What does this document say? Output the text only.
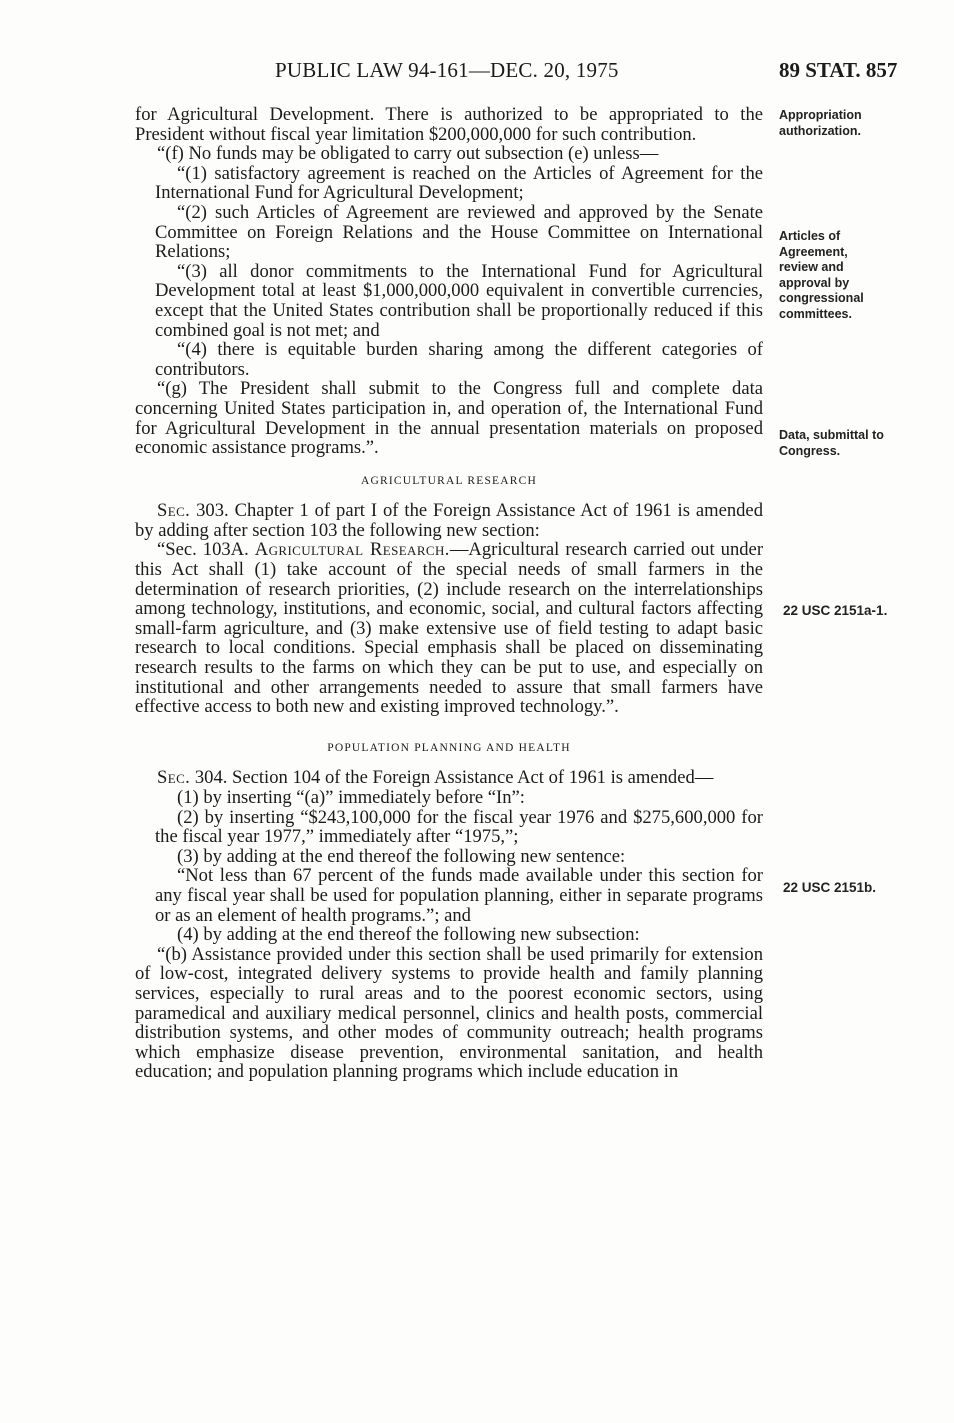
PUBLIC LAW 94-161—DEC. 20, 1975	89 STAT. 857
Appropriation authorization.
Articles of Agreement, review and approval by congressional committees.
Data, submittal to Congress.
22 USC 2151a-1.
22 USC 2151b.

for Agricultural Development. There is authorized to be appropriated to the President without fiscal year limitation $200,000,000 for such contribution.

“(f) No funds may be obligated to carry out subsection (e) unless—

“(1) satisfactory agreement is reached on the Articles of Agreement for the International Fund for Agricultural Development;

“(2) such Articles of Agreement are reviewed and approved by the Senate Committee on Foreign Relations and the House Committee on International Relations;

“(3) all donor commitments to the International Fund for Agricultural Development total at least $1,000,000,000 equivalent in convertible currencies, except that the United States contribution shall be proportionally reduced if this combined goal is not met; and

“(4) there is equitable burden sharing among the different categories of contributors.

“(g) The President shall submit to the Congress full and complete data concerning United States participation in, and operation of, the International Fund for Agricultural Development in the annual presentation materials on proposed economic assistance programs.”.

AGRICULTURAL RESEARCH

Sec. 303. Chapter 1 of part I of the Foreign Assistance Act of 1961 is amended by adding after section 103 the following new section:

“Sec. 103A. Agricultural Research.—Agricultural research carried out under this Act shall (1) take account of the special needs of small farmers in the determination of research priorities, (2) include research on the interrelationships among technology, institutions, and economic, social, and cultural factors affecting small-farm agriculture, and (3) make extensive use of field testing to adapt basic research to local conditions. Special emphasis shall be placed on disseminating research results to the farms on which they can be put to use, and especially on institutional and other arrangements needed to assure that small farmers have effective access to both new and existing improved technology.”.

POPULATION PLANNING AND HEALTH

Sec. 304. Section 104 of the Foreign Assistance Act of 1961 is amended—

(1) by inserting “(a)” immediately before “In”:

(2) by inserting “$243,100,000 for the fiscal year 1976 and $275,600,000 for the fiscal year 1977,” immediately after “1975,”;

(3) by adding at the end thereof the following new sentence:

“Not less than 67 percent of the funds made available under this section for any fiscal year shall be used for population planning, either in separate programs or as an element of health programs.”; and

(4) by adding at the end thereof the following new subsection:

“(b) Assistance provided under this section shall be used primarily for extension of low-cost, integrated delivery systems to provide health and family planning services, especially to rural areas and to the poorest economic sectors, using paramedical and auxiliary medical personnel, clinics and health posts, commercial distribution systems, and other modes of community outreach; health programs which emphasize disease prevention, environmental sanitation, and health education; and population planning programs which include education in
